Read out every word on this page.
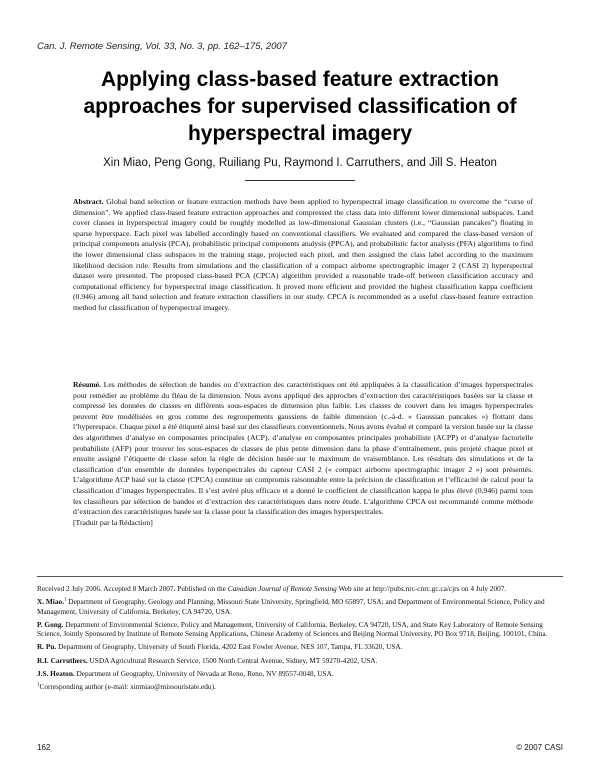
Can. J. Remote Sensing, Vol. 33, No. 3, pp. 162–175, 2007
Applying class-based feature extraction approaches for supervised classification of hyperspectral imagery
Xin Miao, Peng Gong, Ruiliang Pu, Raymond I. Carruthers, and Jill S. Heaton
Abstract. Global band selection or feature extraction methods have been applied to hyperspectral image classification to overcome the “curse of dimension”. We applied class-based feature extraction approaches and compressed the class data into different lower dimensional subspaces. Land cover classes in hyperspectral imagery could be roughly modelled as low-dimensional Gaussian clusters (i.e., “Gaussian pancakes”) floating in sparse hyperspace. Each pixel was labelled accordingly based on conventional classifiers. We evaluated and compared the class-based version of principal components analysis (PCA), probabilistic principal components analysis (PPCA), and probabilistic factor analysis (PFA) algorithms to find the lower dimensional class subspaces in the training stage, projected each pixel, and then assigned the class label according to the maximum likelihood decision rule. Results from simulations and the classification of a compact airborne spectrographic imager 2 (CASI 2) hyperspectral dataset were presented. The proposed class-based PCA (CPCA) algorithm provided a reasonable trade-off between classification accuracy and computational efficiency for hyperspectral image classification. It proved more efficient and provided the highest classification kappa coefficient (0.946) among all band selection and feature extraction classifiers in our study. CPCA is recommended as a useful class-based feature extraction method for classification of hyperspectral imagery.
Résumé. Les méthodes de sélection de bandes ou d’extraction des caractéristiques ont été appliquées à la classification d’images hyperspectrales pour remédier au problème du fléau de la dimension. Nous avons appliqué des approches d’extraction des caractéristiques basées sur la classe et compressé les données de classes en différents sous-espaces de dimension plus faible. Les classes de couvert dans les images hyperspectrales peuvent être modélisées en gros comme des regroupements gaussiens de faible dimension (c.-à-d. « Gaussian pancakes ») flottant dans l’hyperespace. Chaque pixel a été étiqueté ainsi basé sur des classifieurs conventionnels. Nous avons évalué et comparé la version basée sur la classe des algorithmes d’analyse en composantes principales (ACP), d’analyse en composantes principales probabiliste (ACPP) et d’analyse factorielle probabiliste (AFP) pour trouver les sous-espaces de classes de plus petite dimension dans la phase d’entraînement, puis projeté chaque pixel et ensuite assigné l’étiquette de classe selon la règle de décision basée sur le maximum de vraisemblance. Les résultats des simulations et de la classification d’un ensemble de données hyperspectrales du capteur CASI 2 (« compact airborne spectrographic imager 2 ») sont présentés. L’algorithme ACP basé sur la classe (CPCA) constitue un compromis raisonnable entre la précision de classification et l’efficacité de calcul pour la classification d’images hyperspectrales. Il s’est avéré plus efficace et a donné le coefficient de classification kappa le plus élevé (0,946) parmi tous les classifieurs par sélection de bandes et d’extraction des caractéristiques dans notre étude. L’algorithme CPCA est recommandé comme méthode d’extraction des caractéristiques basée sur la classe pour la classification des images hyperspectrales.
[Traduit par la Rédaction]

Received 2 July 2006. Accepted 8 March 2007. Published on the Canadian Journal of Remote Sensing Web site at http://pubs.nrc-cnrc.gc.ca/cjrs on 4 July 2007.

X. Miao.$^1$ Department of Geography, Geology and Planning, Missouri State University, Springfield, MO 65897, USA; and Department of Environmental Science, Policy and Management, University of California, Berkeley, CA 94720, USA.

P. Gong. Department of Environmental Science, Policy and Management, University of California, Berkeley, CA 94720, USA, and State Key Laboratory of Remote Sensing Science, Jointly Sponsored by Institute of Remote Sensing Applications, Chinese Academy of Sciences and Beijing Normal University, PO Box 9718, Beijing, 100101, China.

R. Pu. Department of Geography, University of South Florida, 4202 East Fowler Avenue, NES 107, Tampa, FL 33620, USA.

R.I. Carruthers. USDA Agricultural Research Service, 1500 North Central Avenue, Sidney, MT 59270-4202, USA.

J.S. Heaton. Department of Geography, University of Nevada at Reno, Reno, NV 89557-0048, USA.

$^1$Corresponding author (e-mail: xinmiao@missouristate.edu).

162	© 2007 CASI
